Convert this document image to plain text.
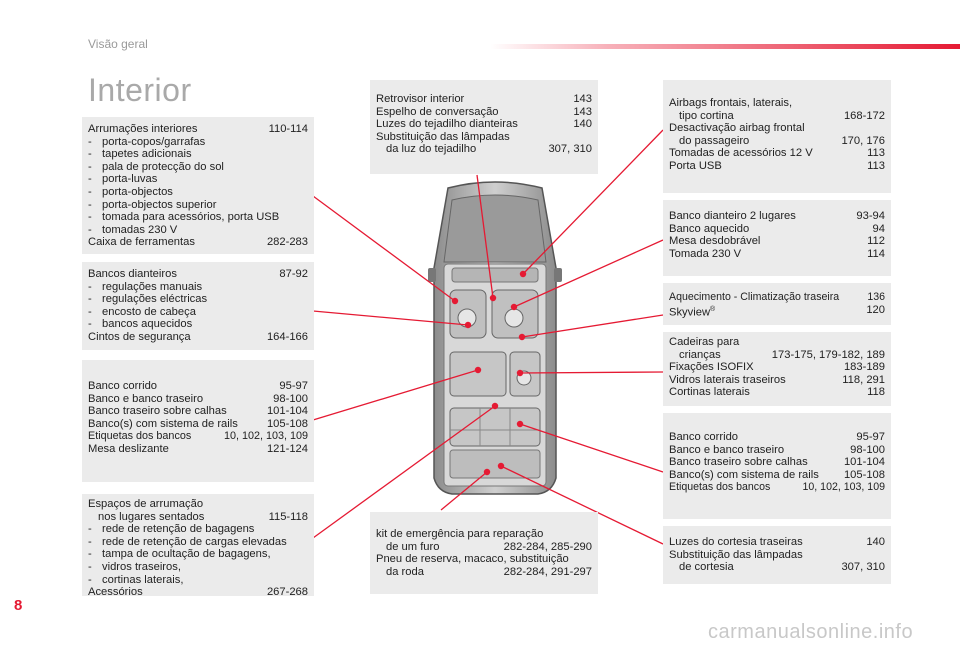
Visão geral
Interior
Arrumações interiores	110-114
- porta-copos/garrafas
- tapetes adicionais
- pala de protecção do sol
- porta-luvas
- porta-objectos
- porta-objectos superior
- tomada para acessórios, porta USB
- tomadas 230 V
Caixa de ferramentas	282-283
Bancos dianteiros	87-92
- regulações manuais
- regulações eléctricas
- encosto de cabeça
- bancos aquecidos
Cintos de segurança	164-166
Banco corrido	95-97
Banco e banco traseiro	98-100
Banco traseiro sobre calhas	101-104
Banco(s) com sistema de rails	105-108
Etiquetas dos bancos	10, 102, 103, 109
Mesa deslizante	121-124
Espaços de arrumação
nos lugares sentados	115-118
- rede de retenção de bagagens
- rede de retenção de cargas elevadas
- tampa de ocultação de bagagens,
- vidros traseiros,
- cortinas laterais,
Acessórios	267-268
Retrovisor interior	143
Espelho de conversação	143
Luzes do tejadilho dianteiras	140
Substituição das lâmpadas
da luz do tejadilho	307, 310
kit de emergência para reparação
de um furo	282-284, 285-290
Pneu de reserva, macaco, substituição
da roda	282-284, 291-297
Airbags frontais, laterais,
tipo cortina	168-172
Desactivação airbag frontal
do passageiro	170, 176
Tomadas de acessórios 12 V	113
Porta USB	113
Banco dianteiro 2 lugares	93-94
Banco aquecido	94
Mesa desdobrável	112
Tomada 230 V	114
Aquecimento - Climatização traseira	136
Skyview®	120
Cadeiras para
crianças	173-175, 179-182, 189
Fixações ISOFIX	183-189
Vidros laterais traseiros	118, 291
Cortinas laterais	118
Banco corrido	95-97
Banco e banco traseiro	98-100
Banco traseiro sobre calhas	101-104
Banco(s) com sistema de rails	105-108
Etiquetas dos bancos	10, 102, 103, 109
Luzes do cortesia traseiras	140
Substituição das lâmpadas
de cortesia	307, 310
8
carmanualsonline.info
